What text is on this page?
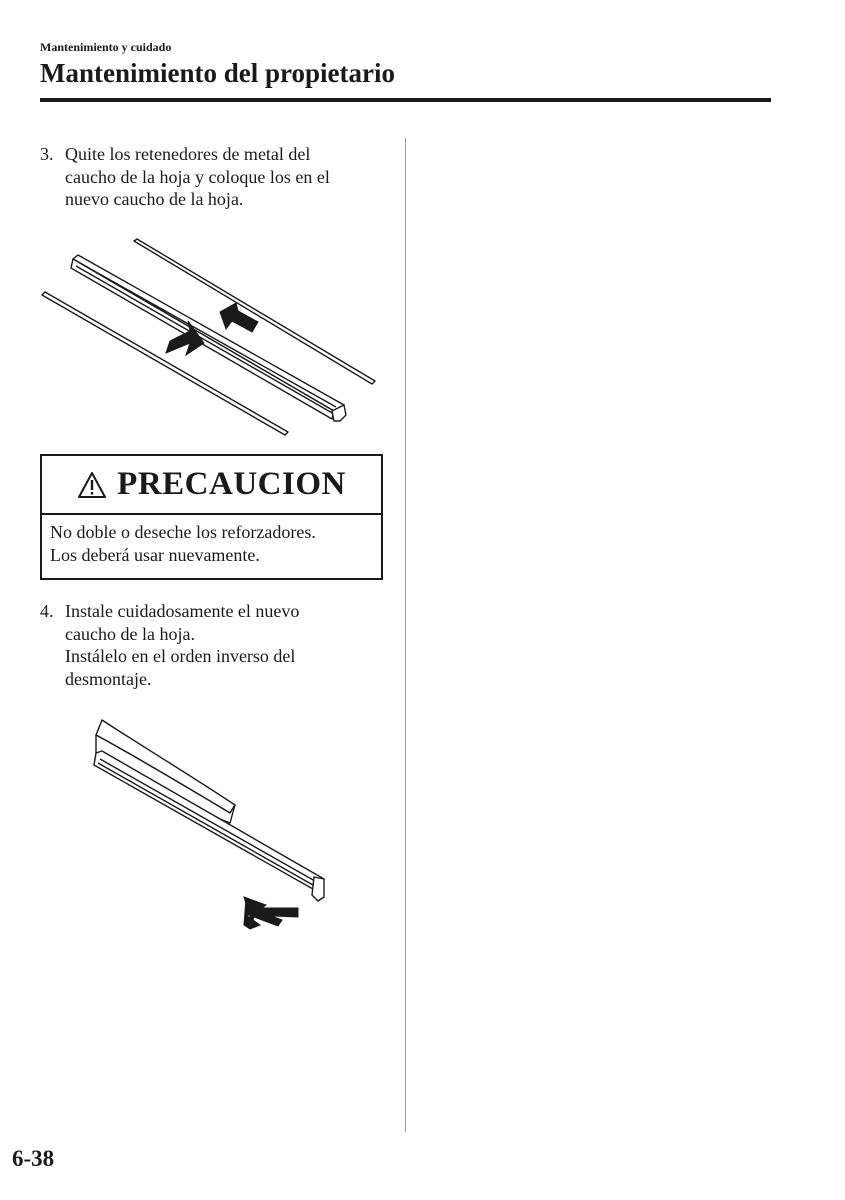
Mantenimiento y cuidado
Mantenimiento del propietario
3. Quite los retenedores de metal del
caucho de la hoja y coloque los en el
nuevo caucho de la hoja.
PRECAUCION
No doble o deseche los reforzadores.
Los deberá usar nuevamente.
4. Instale cuidadosamente el nuevo
caucho de la hoja.
Instálelo en el orden inverso del
desmontaje.
6-38
